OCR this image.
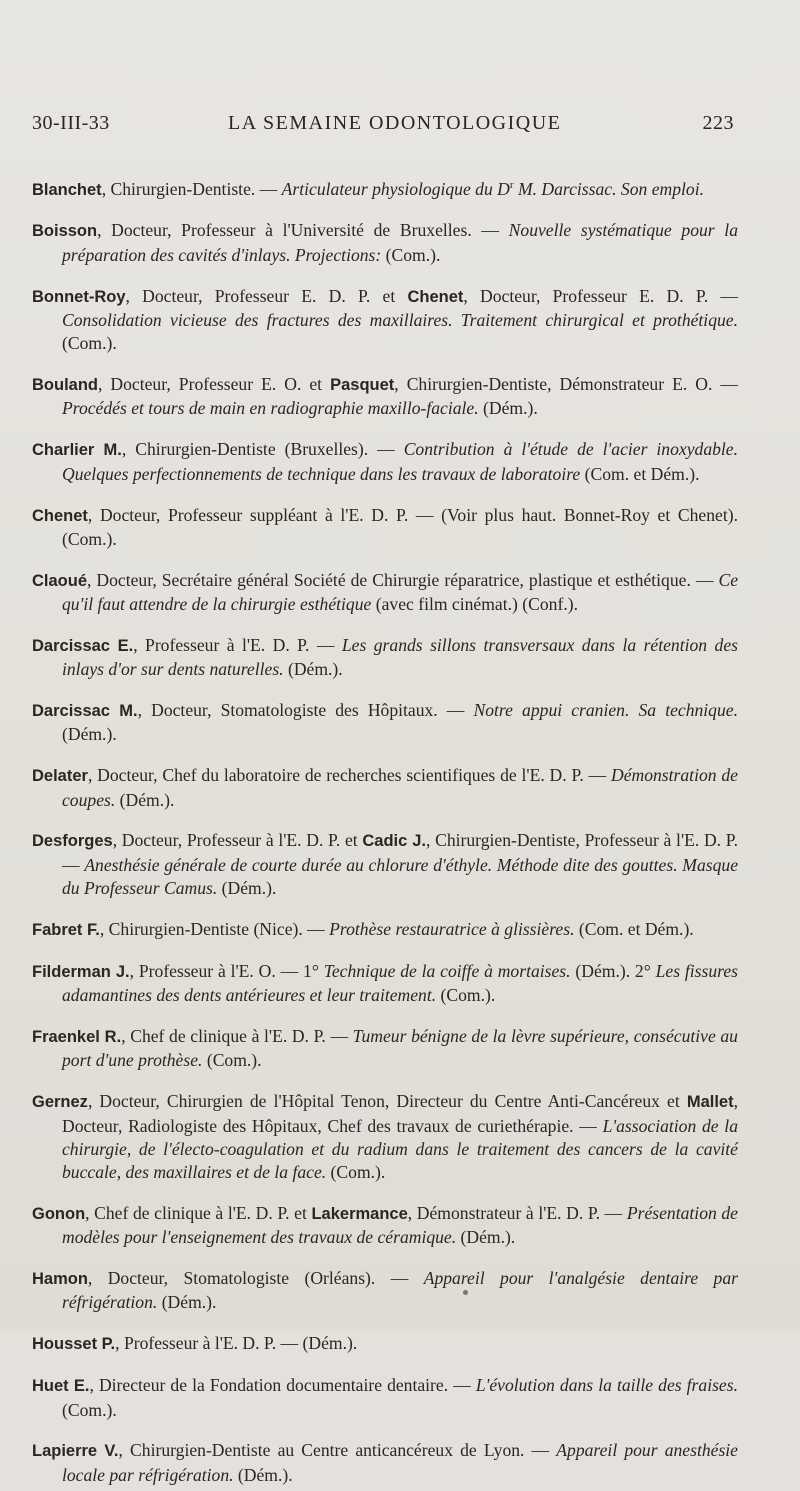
30-III-33	LA SEMAINE ODONTOLOGIQUE	223

Blanchet, Chirurgien-Dentiste. — Articulateur physiologique du $D^r$ M. Darcissac. Son emploi.

Boisson, Docteur, Professeur à l'Université de Bruxelles. — Nouvelle systématique pour la préparation des cavités d'inlays. Projections: (Com.).

Bonnet-Roy, Docteur, Professeur E. D. P. et Chenet, Docteur, Professeur E. D. P. — Consolidation vicieuse des fractures des maxillaires. Traitement chirurgical et prothétique. (Com.).

Bouland, Docteur, Professeur E. O. et Pasquet, Chirurgien-Dentiste, Démonstrateur E. O. — Procédés et tours de main en radiographie maxillo-faciale. (Dém.).

Charlier M., Chirurgien-Dentiste (Bruxelles). — Contribution à l'étude de l'acier inoxydable. Quelques perfectionnements de technique dans les travaux de laboratoire (Com. et Dém.).

Chenet, Docteur, Professeur suppléant à l'E. D. P. — (Voir plus haut. Bonnet-Roy et Chenet). (Com.).

Claoué, Docteur, Secrétaire général Société de Chirurgie réparatrice, plastique et esthétique. — Ce qu'il faut attendre de la chirurgie esthétique (avec film cinémat.) (Conf.).

Darcissac E., Professeur à l'E. D. P. — Les grands sillons transversaux dans la rétention des inlays d'or sur dents naturelles. (Dém.).

Darcissac M., Docteur, Stomatologiste des Hôpitaux. — Notre appui cranien. Sa technique. (Dém.).

Delater, Docteur, Chef du laboratoire de recherches scientifiques de l'E. D. P. — Démonstration de coupes. (Dém.).

Desforges, Docteur, Professeur à l'E. D. P. et Cadic J., Chirurgien-Dentiste, Professeur à l'E. D. P. — Anesthésie générale de courte durée au chlorure d'éthyle. Méthode dite des gouttes. Masque du Professeur Camus. (Dém.).

Fabret F., Chirurgien-Dentiste (Nice). — Prothèse restauratrice à glissières. (Com. et Dém.).

Filderman J., Professeur à l'E. O. — 1° Technique de la coiffe à mortaises. (Dém.). 2° Les fissures adamantines des dents antérieures et leur traitement. (Com.).

Fraenkel R., Chef de clinique à l'E. D. P. — Tumeur bénigne de la lèvre supérieure, consécutive au port d'une prothèse. (Com.).

Gernez, Docteur, Chirurgien de l'Hôpital Tenon, Directeur du Centre Anti-Cancéreux et Mallet, Docteur, Radiologiste des Hôpitaux, Chef des travaux de curiethérapie. — L'association de la chirurgie, de l'électo-coagulation et du radium dans le traitement des cancers de la cavité buccale, des maxillaires et de la face. (Com.).

Gonon, Chef de clinique à l'E. D. P. et Lakermance, Démonstrateur à l'E. D. P. — Présentation de modèles pour l'enseignement des travaux de céramique. (Dém.).

Hamon, Docteur, Stomatologiste (Orléans). — Appareil pour l'analgésie dentaire par réfrigération. (Dém.).

Housset P., Professeur à l'E. D. P. — (Dém.).

Huet E., Directeur de la Fondation documentaire dentaire. — L'évolution dans la taille des fraises. (Com.).

Lapierre V., Chirurgien-Dentiste au Centre anticancéreux de Lyon. — Appareil pour anesthésie locale par réfrigération. (Dém.).
